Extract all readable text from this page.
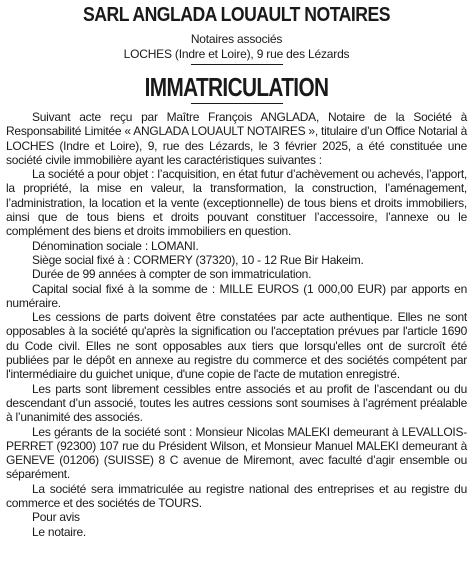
SARL ANGLADA LOUAULT NOTAIRES
Notaires associés
LOCHES (Indre et Loire), 9 rue des Lézards
IMMATRICULATION

Suivant acte reçu par Maître François ANGLADA, Notaire de la Société à Responsabilité Limitée « ANGLADA LOUAULT NOTAIRES », titulaire d’un Office Notarial à LOCHES (Indre et Loire), 9, rue des Lézards, le 3 février 2025, a été constituée une société civile immobilière ayant les caractéristiques suivantes :

La société a pour objet : l’acquisition, en état futur d’achèvement ou achevés, l’apport, la propriété, la mise en valeur, la transformation, la construction, l’aménagement, l’administration, la location et la vente (exceptionnelle) de tous biens et droits immobiliers, ainsi que de tous biens et droits pouvant constituer l’accessoire, l’annexe ou le complément des biens et droits immobiliers en question.

Dénomination sociale : LOMANI.

Siège social fixé à : CORMERY (37320), 10 - 12 Rue Bir Hakeim.

Durée de 99 années à compter de son immatriculation.

Capital social fixé à la somme de : MILLE EUROS (1 000,00 EUR) par apports en numéraire.

Les cessions de parts doivent être constatées par acte authentique. Elles ne sont opposables à la société qu'après la signification ou l'acceptation prévues par l'article 1690 du Code civil. Elles ne sont opposables aux tiers que lorsqu'elles ont de surcroît été publiées par le dépôt en annexe au registre du commerce et des sociétés compétent par l'intermédiaire du guichet unique, d'une copie de l'acte de mutation enregistré.

Les parts sont librement cessibles entre associés et au profit de l’ascendant ou du descendant d’un associé, toutes les autres cessions sont soumises à l’agrément préalable à l’unanimité des associés.

Les gérants de la société sont : Monsieur Nicolas MALEKI demeurant à LEVALLOIS-PERRET (92300) 107 rue du Président Wilson, et Monsieur Manuel MALEKI demeurant à GENEVE (01206) (SUISSE) 8 C avenue de Miremont, avec faculté d’agir ensemble ou séparément.

La société sera immatriculée au registre national des entreprises et au registre du commerce et des sociétés de TOURS.

Pour avis

Le notaire.
